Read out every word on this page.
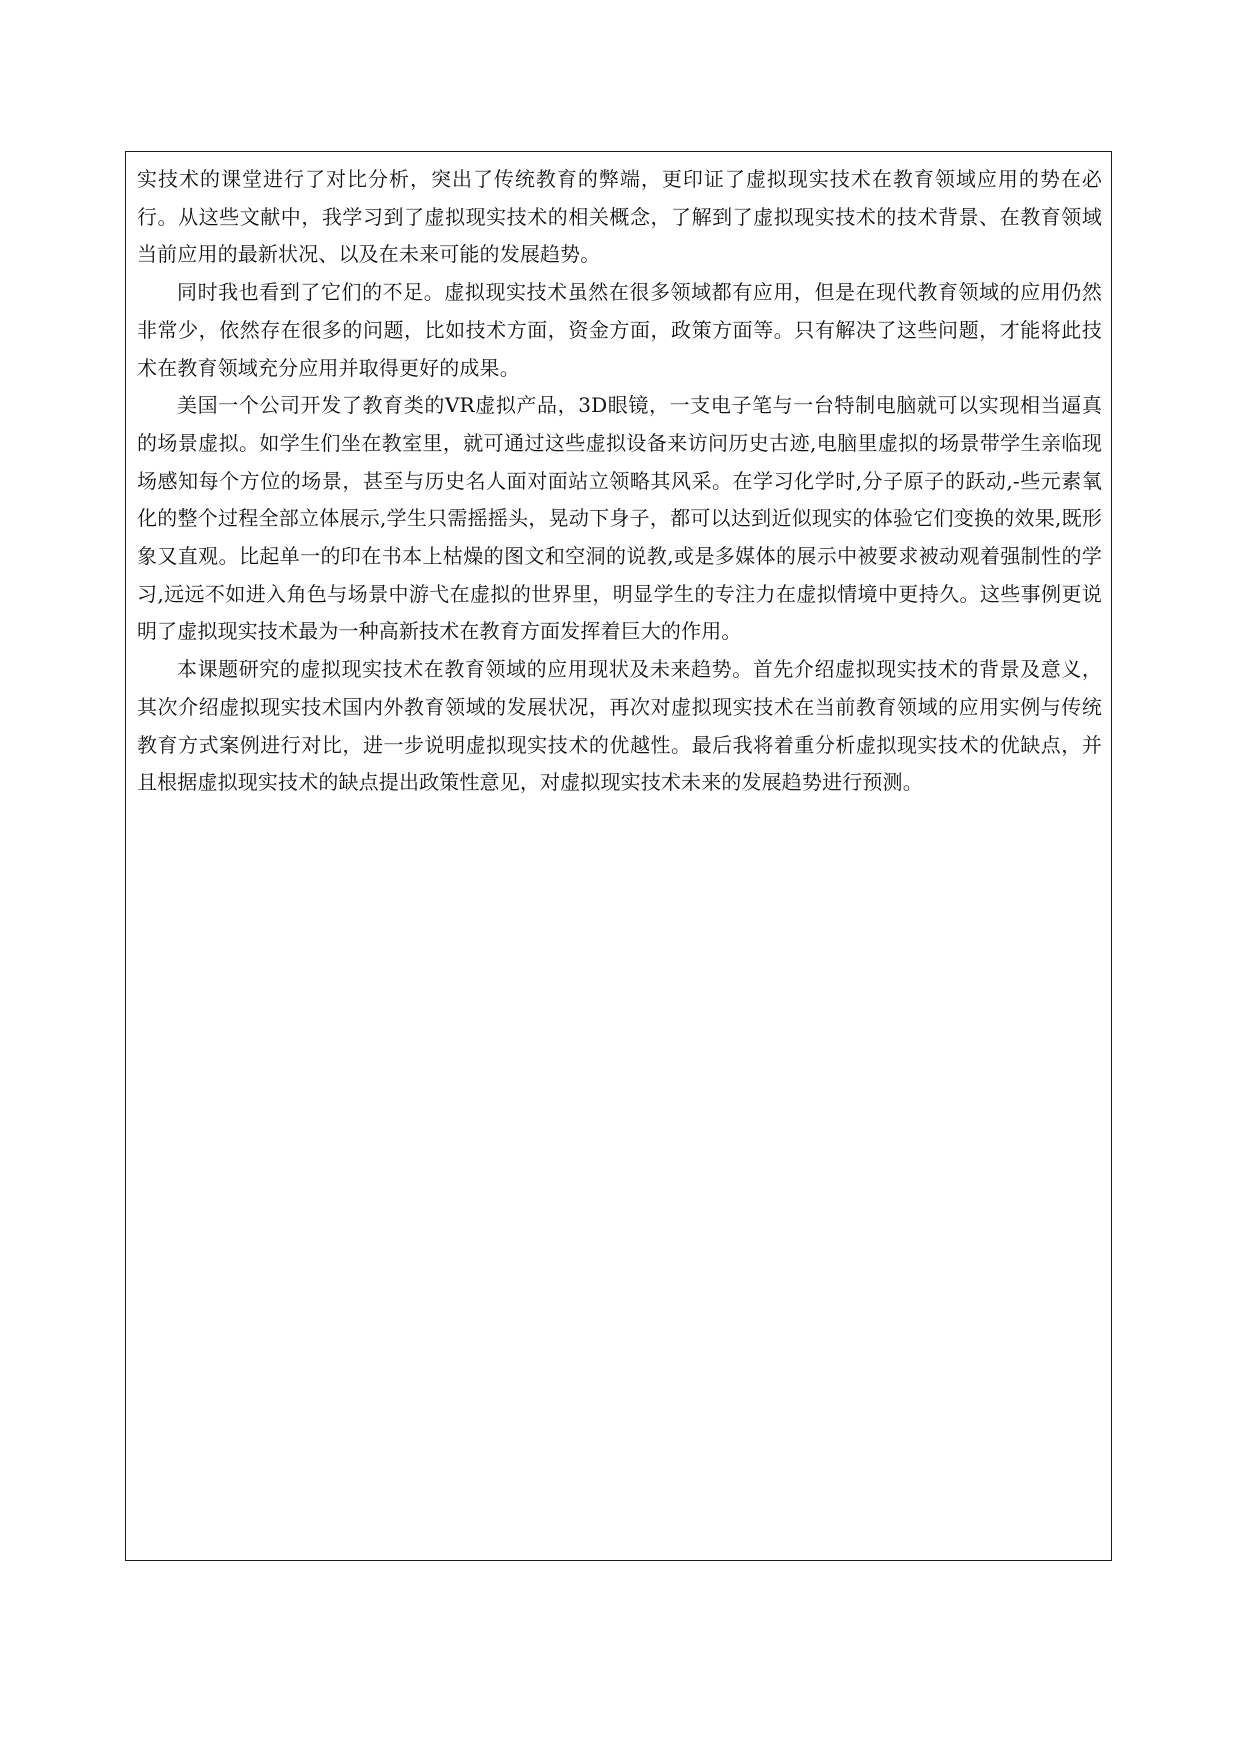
实技术的课堂进行了对比分析，突出了传统教育的弊端，更印证了虚拟现实技术在教育领域应用的势在必行。从这些文献中，我学习到了虚拟现实技术的相关概念，了解到了虚拟现实技术的技术背景、在教育领域当前应用的最新状况、以及在未来可能的发展趋势。

同时我也看到了它们的不足。虚拟现实技术虽然在很多领域都有应用，但是在现代教育领域的应用仍然非常少，依然存在很多的问题，比如技术方面，资金方面，政策方面等。只有解决了这些问题，才能将此技术在教育领域充分应用并取得更好的成果。

美国一个公司开发了教育类的VR虚拟产品，3D眼镜，一支电子笔与一台特制电脑就可以实现相当逼真的场景虚拟。如学生们坐在教室里，就可通过这些虚拟设备来访问历史古迹,电脑里虚拟的场景带学生亲临现场感知每个方位的场景，甚至与历史名人面对面站立领略其风采。在学习化学时,分子原子的跃动,-些元素氧化的整个过程全部立体展示,学生只需摇摇头，晃动下身子，都可以达到近似现实的体验它们变换的效果,既形象又直观。比起单一的印在书本上枯燥的图文和空洞的说教,或是多媒体的展示中被要求被动观着强制性的学习,远远不如进入角色与场景中游弋在虚拟的世界里，明显学生的专注力在虚拟情境中更持久。这些事例更说明了虚拟现实技术最为一种高新技术在教育方面发挥着巨大的作用。

本课题研究的虚拟现实技术在教育领域的应用现状及未来趋势。首先介绍虚拟现实技术的背景及意义，其次介绍虚拟现实技术国内外教育领域的发展状况，再次对虚拟现实技术在当前教育领域的应用实例与传统教育方式案例进行对比，进一步说明虚拟现实技术的优越性。最后我将着重分析虚拟现实技术的优缺点，并且根据虚拟现实技术的缺点提出政策性意见，对虚拟现实技术未来的发展趋势进行预测。
